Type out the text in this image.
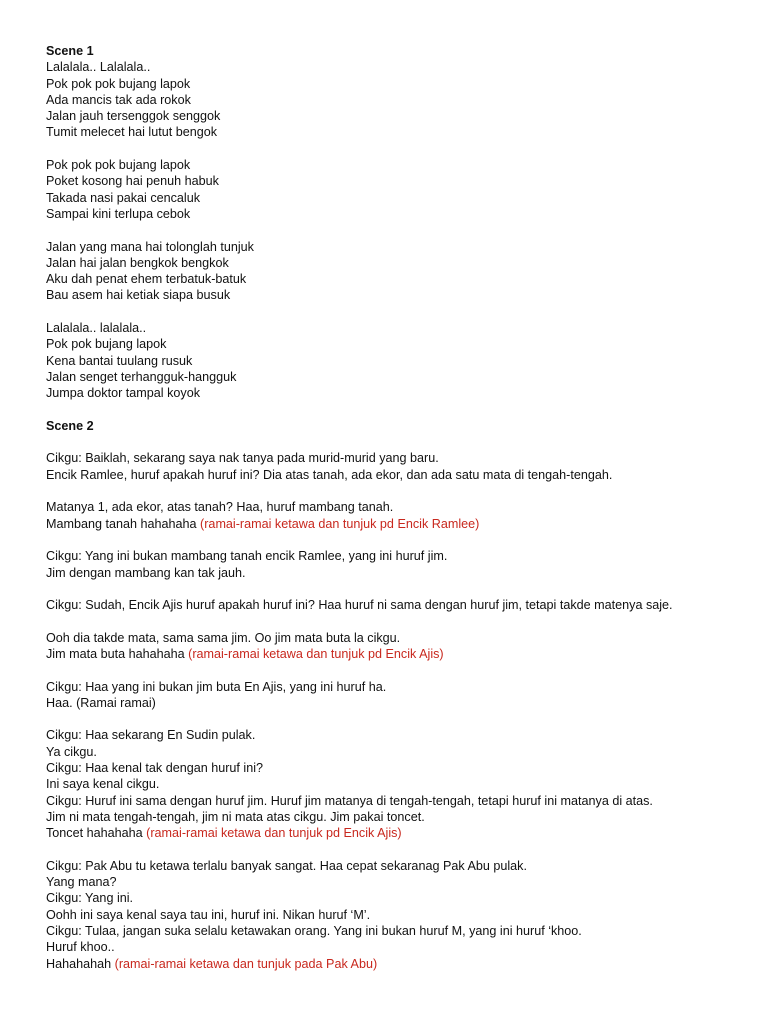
Scene 1
Lalalala.. Lalalala..
Pok pok pok bujang lapok
Ada mancis tak ada rokok
Jalan jauh tersenggok senggok
Tumit melecet hai lutut bengok
Pok pok pok bujang lapok
Poket kosong hai penuh habuk
Takada nasi pakai cencaluk
Sampai kini terlupa cebok
Jalan yang mana hai tolonglah tunjuk
Jalan hai jalan bengkok bengkok
Aku dah penat ehem terbatuk-batuk
Bau asem hai ketiak siapa busuk
Lalalala.. lalalala..
Pok pok bujang lapok
Kena bantai tuulang rusuk
Jalan senget terhangguk-hangguk
Jumpa doktor tampal koyok
Scene 2
Cikgu: Baiklah, sekarang saya nak tanya pada murid-murid yang baru.
Encik Ramlee, huruf apakah huruf ini? Dia atas tanah, ada ekor, dan ada satu mata di tengah-tengah.
Matanya 1, ada ekor, atas tanah? Haa, huruf mambang tanah.
Mambang tanah hahahaha (ramai-ramai ketawa dan tunjuk pd Encik Ramlee)
Cikgu: Yang ini bukan mambang tanah encik Ramlee, yang ini huruf jim.
Jim dengan mambang kan tak jauh.
Cikgu: Sudah, Encik Ajis huruf apakah huruf ini? Haa huruf ni sama dengan huruf jim, tetapi takde matenya saje.
Ooh dia takde mata, sama sama jim. Oo jim mata buta la cikgu.
Jim mata buta hahahaha (ramai-ramai ketawa dan tunjuk pd Encik Ajis)
Cikgu: Haa yang ini bukan jim buta En Ajis, yang ini huruf ha.
Haa. (Ramai ramai)
Cikgu: Haa sekarang En Sudin pulak.
Ya cikgu.
Cikgu: Haa kenal tak dengan huruf ini?
Ini saya kenal cikgu.
Cikgu: Huruf ini sama dengan huruf jim. Huruf jim matanya di tengah-tengah, tetapi huruf ini matanya di atas.
Jim ni mata tengah-tengah, jim ni mata atas cikgu. Jim pakai toncet.
Toncet hahahaha (ramai-ramai ketawa dan tunjuk pd Encik Ajis)
Cikgu: Pak Abu tu ketawa terlalu banyak sangat. Haa cepat sekaranag Pak Abu pulak.
Yang mana?
Cikgu: Yang ini.
Oohh ini saya kenal saya tau ini, huruf ini. Nikan huruf ‘M’.
Cikgu: Tulaa, jangan suka selalu ketawakan orang. Yang ini bukan huruf M, yang ini huruf ‘khoo.
Huruf khoo..
Hahahahah (ramai-ramai ketawa dan tunjuk pada Pak Abu)
